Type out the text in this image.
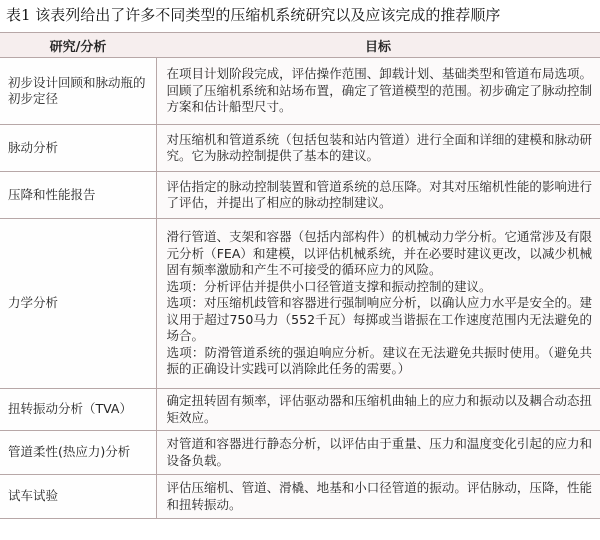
表1 该表列给出了许多不同类型的压缩机系统研究以及应该完成的推荐顺序
研究/分析	目标
初步设计回顾和脉动瓶的初步定径	在项目计划阶段完成，评估操作范围、卸载计划、基础类型和管道布局选项。回顾了压缩机系统和站场布置，确定了管道模型的范围。初步确定了脉动控制方案和估计船型尺寸。

脉动分析	对压缩机和管道系统（包括包装和站内管道）进行全面和详细的建模和脉动研究。它为脉动控制提供了基本的建议。

压降和性能报告	评估指定的脉动控制装置和管道系统的总压降。对其对压缩机性能的影响进行了评估，并提出了相应的脉动控制建议。

力学分析	滑行管道、支架和容器（包括内部构件）的机械动力学分析。它通常涉及有限元分析（FEA）和建模，以评估机械系统，并在必要时建议更改，以减少机械固有频率激励和产生不可接受的循环应力的风险。
选项：分析评估并提供小口径管道支撑和振动控制的建议。
选项：对压缩机歧管和容器进行强制响应分析，以确认应力水平是安全的。建议用于超过750马力（552千瓦）每掷或当谐振在工作速度范围内无法避免的场合。
选项：防滑管道系统的强迫响应分析。建议在无法避免共振时使用。（避免共振的正确设计实践可以消除此任务的需要。）

扭转振动分析（TVA）	确定扭转固有频率，评估驱动器和压缩机曲轴上的应力和振动以及耦合动态扭矩效应。

管道柔性(热应力)分析	对管道和容器进行静态分析，以评估由于重量、压力和温度变化引起的应力和设备负载。

试车试验	评估压缩机、管道、滑橇、地基和小口径管道的振动。评估脉动，压降，性能和扭转振动。
